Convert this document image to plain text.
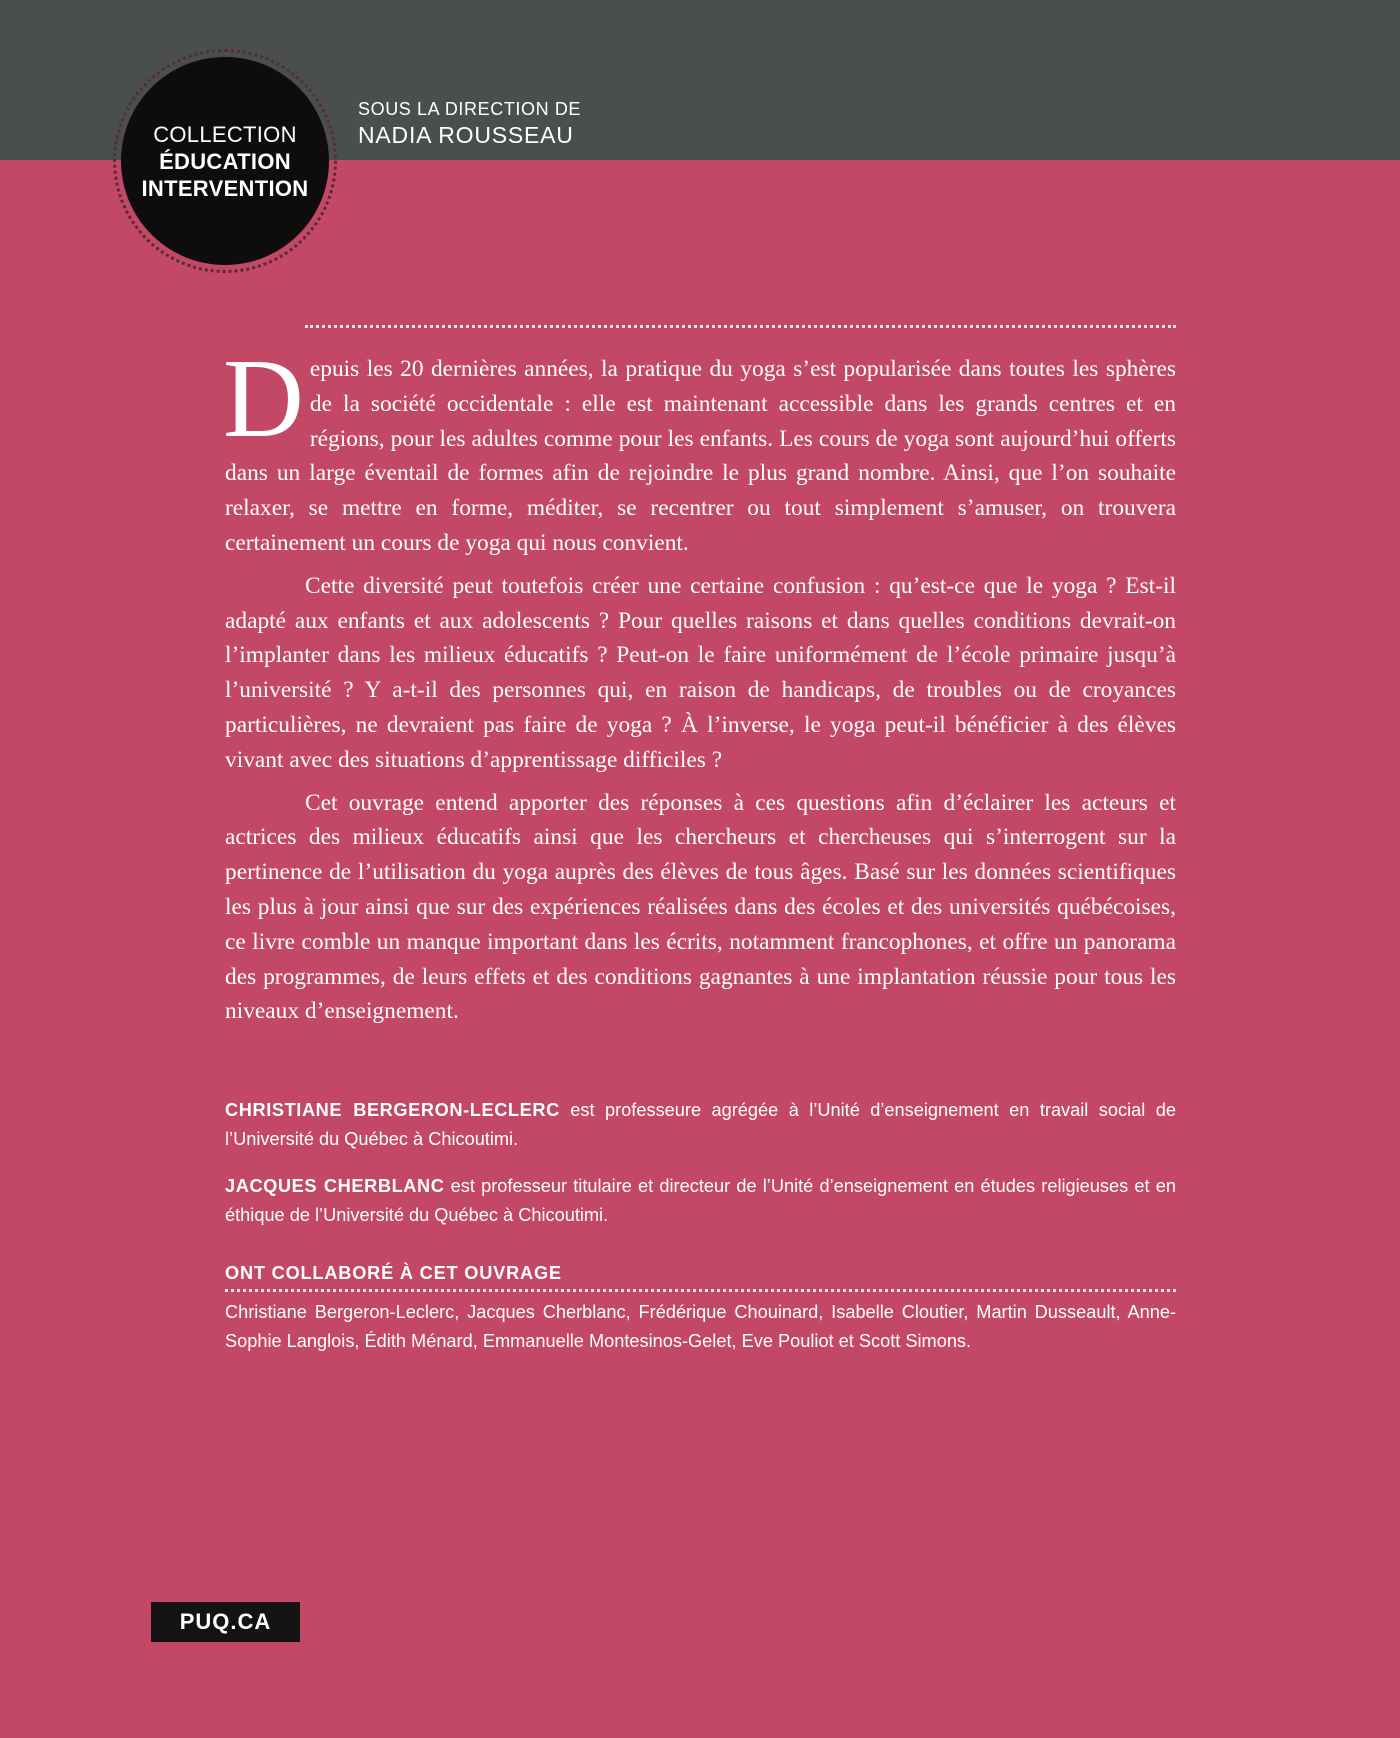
COLLECTION
ÉDUCATION
INTERVENTION
SOUS LA DIRECTION DE
NADIA ROUSSEAU

Depuis les 20 dernières années, la pratique du yoga s’est popularisée dans toutes les sphères de la société occidentale : elle est maintenant accessible dans les grands centres et en régions, pour les adultes comme pour les enfants. Les cours de yoga sont aujourd’hui offerts dans un large éventail de formes afin de rejoindre le plus grand nombre. Ainsi, que l’on souhaite relaxer, se mettre en forme, méditer, se recentrer ou tout simplement s’amuser, on trouvera certainement un cours de yoga qui nous convient.

Cette diversité peut toutefois créer une certaine confusion : qu’est-ce que le yoga ? Est-il adapté aux enfants et aux adolescents ? Pour quelles raisons et dans quelles conditions devrait-on l’implanter dans les milieux éducatifs ? Peut-on le faire uniformément de l’école primaire jusqu’à l’université ? Y a-t-il des personnes qui, en raison de handicaps, de troubles ou de croyances particulières, ne devraient pas faire de yoga ? À l’inverse, le yoga peut-il bénéficier à des élèves vivant avec des situations d’apprentissage difficiles ?

Cet ouvrage entend apporter des réponses à ces questions afin d’éclairer les acteurs et actrices des milieux éducatifs ainsi que les chercheurs et chercheuses qui s’interrogent sur la pertinence de l’utilisation du yoga auprès des élèves de tous âges. Basé sur les données scientifiques les plus à jour ainsi que sur des expériences réalisées dans des écoles et des universités québécoises, ce livre comble un manque important dans les écrits, notamment francophones, et offre un panorama des programmes, de leurs effets et des conditions gagnantes à une implantation réussie pour tous les niveaux d’enseignement.

CHRISTIANE BERGERON-LECLERC est professeure agrégée à l’Unité d’enseignement en travail social de l’Université du Québec à Chicoutimi.

JACQUES CHERBLANC est professeur titulaire et directeur de l’Unité d’enseignement en études religieuses et en éthique de l’Université du Québec à Chicoutimi.

ONT COLLABORÉ À CET OUVRAGE

Christiane Bergeron-Leclerc, Jacques Cherblanc, Frédérique Chouinard, Isabelle Cloutier, Martin Dusseault, Anne-Sophie Langlois, Édith Ménard, Emmanuelle Montesinos-Gelet, Eve Pouliot et Scott Simons.

PUQ.CA
